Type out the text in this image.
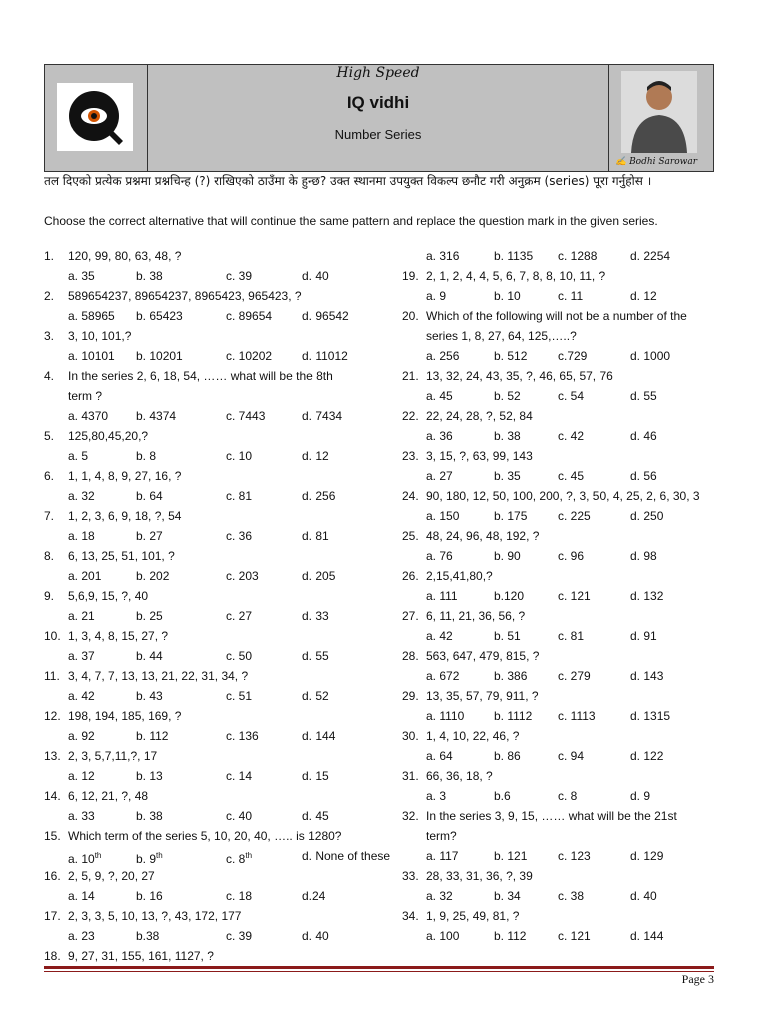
High Speed
IQ vidhi
Number Series
✍ Bodhi Sarowar
तल दिएको प्रत्येक प्रश्नमा प्रश्नचिन्ह (?) राखिएको ठाउँमा के हुन्छ? उक्त स्थानमा उपयुक्त विकल्प छनौट गरी अनुक्रम (series) पूरा गर्नुहोस ।
Choose the correct alternative that will continue the same pattern and replace the question mark in the given series.
1.	120, 99, 80, 63, 48, ?
a. 35	b. 38	c. 39	d. 40
2.	589654237, 89654237, 8965423, 965423, ?
a. 58965	b. 65423	c. 89654	d. 96542
3.	3, 10, 101,?
a. 10101	b. 10201	c. 10202	d. 11012
4.	In the series 2, 6, 18, 54, …… what will be the 8th
term ?
a. 4370	b. 4374	c. 7443	d. 7434
5.	125,80,45,20,?
a. 5	b. 8	c. 10	d. 12
6.	1, 1, 4, 8, 9, 27, 16, ?
a. 32	b. 64	c. 81	d. 256
7.	1, 2, 3, 6, 9, 18, ?, 54
a. 18	b. 27	c. 36	d. 81
8.	6, 13, 25, 51, 101, ?
a. 201	b. 202	c. 203	d. 205
9.	5,6,9, 15, ?, 40
a. 21	b. 25	c. 27	d. 33
10. 1, 3, 4, 8, 15, 27, ?
a. 37	b. 44	c. 50	d. 55
11. 3, 4, 7, 7, 13, 13, 21, 22, 31, 34, ?
a. 42	b. 43	c. 51	d. 52
12. 198, 194, 185, 169, ?
a. 92	b. 112	c. 136	d. 144
13. 2, 3, 5,7,11,?, 17
a. 12	b. 13	c. 14	d. 15
14. 6, 12, 21, ?, 48
a. 33	b. 38	c. 40	d. 45
15. Which term of the series 5, 10, 20, 40, ….. is 1280?
a. 10th	b. 9th	c. 8th	d. None of these
16. 2, 5, 9, ?, 20, 27
a. 14	b. 16	c. 18	d.24
17. 2, 3, 3, 5, 10, 13, ?, 43, 172, 177
a. 23	b.38	c. 39	d. 40
18. 9, 27, 31, 155, 161, 1127, ?
a. 316	b. 1135	c. 1288	d. 2254
19. 2, 1, 2, 4, 4, 5, 6, 7, 8, 8, 10, 11, ?
a. 9	b. 10	c. 11	d. 12
20. Which of the following will not be a number of the
series 1, 8, 27, 64, 125,…..?
a. 256	b. 512	c.729	d. 1000
21. 13, 32, 24, 43, 35, ?, 46, 65, 57, 76
a. 45	b. 52	c. 54	d. 55
22. 22, 24, 28, ?, 52, 84
a. 36	b. 38	c. 42	d. 46
23. 3, 15, ?, 63, 99, 143
a. 27	b. 35	c. 45	d. 56
24. 90, 180, 12, 50, 100, 200, ?, 3, 50, 4, 25, 2, 6, 30, 3
a. 150	b. 175	c. 225	d. 250
25. 48, 24, 96, 48, 192, ?
a. 76	b. 90	c. 96	d. 98
26. 2,15,41,80,?
a. 111	b.120	c. 121	d. 132
27. 6, 11, 21, 36, 56, ?
a. 42	b. 51	c. 81	d. 91
28. 563, 647, 479, 815, ?
a. 672	b. 386	c. 279	d. 143
29. 13, 35, 57, 79, 911, ?
a. 1110	b. 1112	c. 1113	d. 1315
30. 1, 4, 10, 22, 46, ?
a. 64	b. 86	c. 94	d. 122
31. 66, 36, 18, ?
a. 3	b.6	c. 8	d. 9
32. In the series 3, 9, 15, …… what will be the 21st
term?
a. 117	b. 121	c. 123	d. 129
33. 28, 33, 31, 36, ?, 39
a. 32	b. 34	c. 38	d. 40
34. 1, 9, 25, 49, 81, ?
a. 100	b. 112	c. 121	d. 144
Page 3
